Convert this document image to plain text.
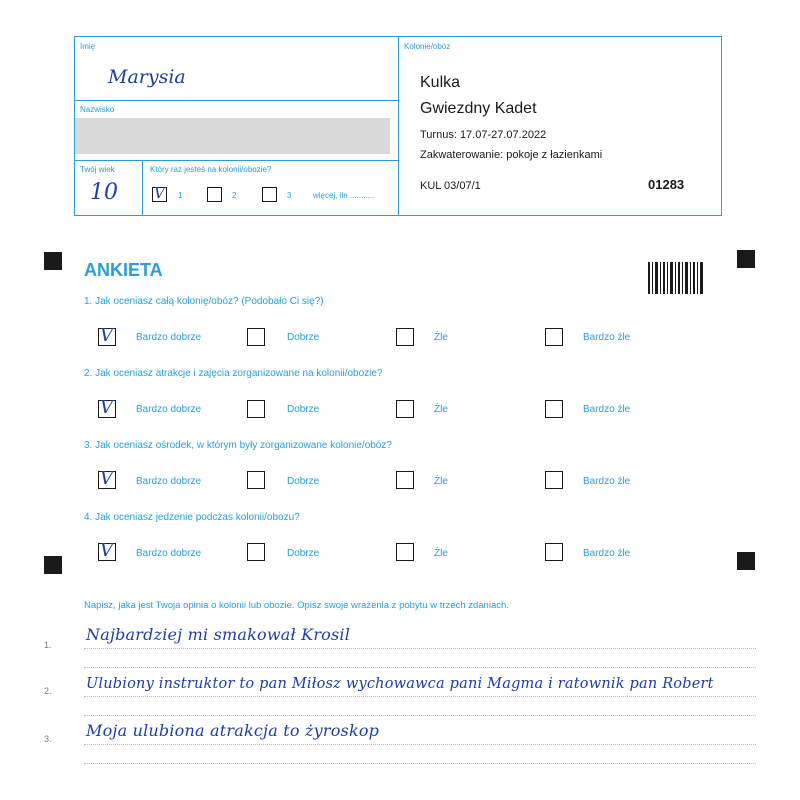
Imię
Marysia
Nazwisko
Twój wiek
10
Który raz jesteś na kolonii/obozie?
V 1	2	3	więcej, ile ...........
Kolonie/obóz
Kulka
Gwiezdny Kadet
Turnus: 17.07-27.07.2022
Zakwaterowanie: pokoje z łazienkami
KUL 03/07/1	01283
ANKIETA
1. Jak oceniasz całą kolonię/obóz? (Podobało Ci się?)
V Bardzo dobrze	Dobrze	Źle	Bardzo źle
2. Jak oceniasz atrakcje i zajęcia zorganizowane na kolonii/obozie?
V Bardzo dobrze	Dobrze	Źle	Bardzo źle
3. Jak oceniasz ośrodek, w którym były zorganizowane kolonie/obóz?
V Bardzo dobrze	Dobrze	Źle	Bardzo źle
4. Jak oceniasz jedzenie podczas kolonii/obozu?
V Bardzo dobrze	Dobrze	Źle	Bardzo źle
Napisz, jaka jest Twoja opinia o kolonii lub obozie. Opisz swoje wrażenia z pobytu w trzech zdaniach.
1.
Najbardziej mi smakował Krosil
2. Ulubiony instruktor to pan Miłosz wychowawca pani Magma i ratownik pan Robert
3. Moja ulubiona atrakcja to żyroskop
